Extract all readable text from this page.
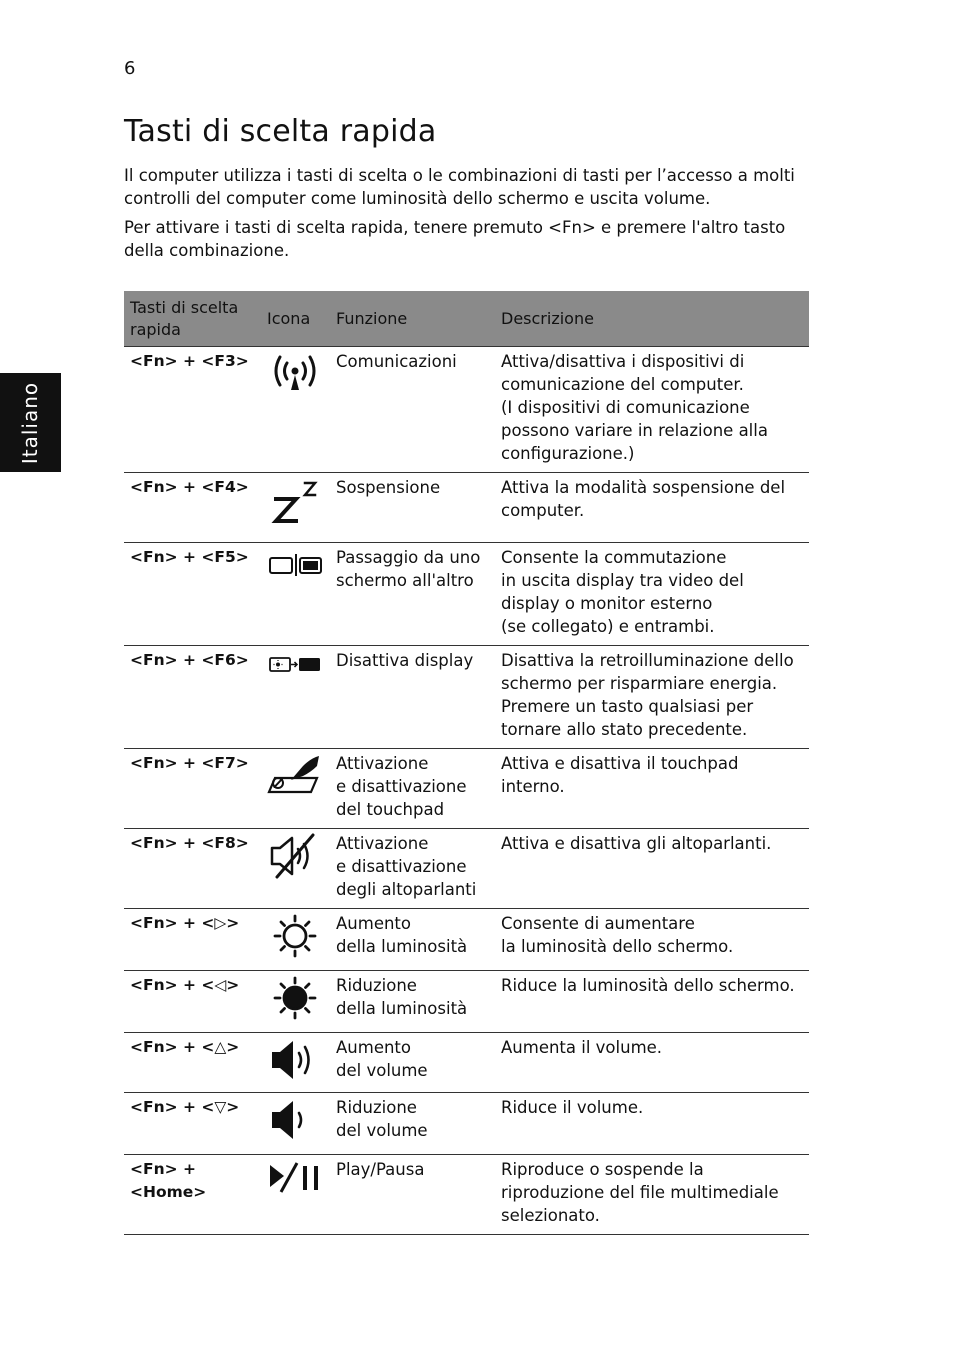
6
Italiano
Tasti di scelta rapida

Il computer utilizza i tasti di scelta o le combinazioni di tasti per l’accesso a molti controlli del computer come luminosità dello schermo e uscita volume.

Per attivare i tasti di scelta rapida, tenere premuto <Fn> e premere l'altro tasto della combinazione.

Tasti di scelta rapida	Icona	Funzione	Descrizione
<Fn> + <F3>		Comunicazioni	Attiva/disattiva i dispositivi di comunicazione del computer.
(I dispositivi di comunicazione possono variare in relazione alla configurazione.)
<Fn> + <F4>		Sospensione	Attiva la modalità sospensione del computer.
<Fn> + <F5>		Passaggio da uno schermo all'altro	Consente la commutazione
in uscita display tra video del display o monitor esterno
(se collegato) e entrambi.
<Fn> + <F6>		Disattiva display	Disattiva la retroilluminazione dello schermo per risparmiare energia. Premere un tasto qualsiasi per tornare allo stato precedente.
<Fn> + <F7>		Attivazione
e disattivazione
del touchpad	Attiva e disattiva il touchpad interno.
<Fn> + <F8>		Attivazione
e disattivazione
degli altoparlanti	Attiva e disattiva gli altoparlanti.
<Fn> + <▷>		Aumento
della luminosità	Consente di aumentare
la luminosità dello schermo.
<Fn> + <◁>		Riduzione
della luminosità	Riduce la luminosità dello schermo.
<Fn> + <△>		Aumento
del volume	Aumenta il volume.
<Fn> + <▽>		Riduzione
del volume	Riduce il volume.
<Fn> +
<Home>		Play/Pausa	Riproduce o sospende la riproduzione del file multimediale selezionato.
